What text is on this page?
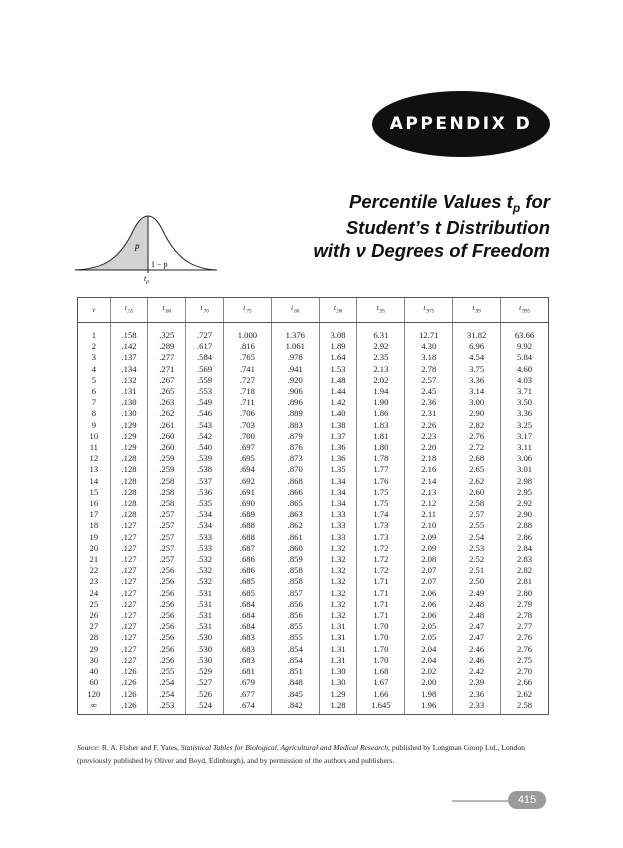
APPENDIX D
Percentile Values $t_p$ for
Student’s t Distribution
with ν Degrees of Freedom
p
1 − p
$t_p$
ν	$t_{.55}$	$t_{.60}$	$t_{.70}$	$t_{.75}$	$t_{.80}$	$t_{.90}$	$t_{.95}$	$t_{.975}$	$t_{.99}$	$t_{.995}$
1	.158	.325	.727	1.000	1.376	3.08	6.31	12.71	31.82	63.66
2	.142	.289	.617	.816	1.061	1.89	2.92	4.30	6.96	9.92
3	.137	.277	.584	.765	.978	1.64	2.35	3.18	4.54	5.84
4	.134	.271	.569	.741	.941	1.53	2.13	2.78	3.75	4.60
5	.132	.267	.559	.727	.920	1.48	2.02	2.57	3.36	4.03
6	.131	.265	.553	.718	.906	1.44	1.94	2.45	3.14	3.71
7	.130	.263	.549	.711	.896	1.42	1.90	2.36	3.00	3.50
8	.130	.262	.546	.706	.889	1.40	1.86	2.31	2.90	3.36
9	.129	.261	.543	.703	.883	1.38	1.83	2.26	2.82	3.25
10	.129	.260	.542	.700	.879	1.37	1.81	2.23	2.76	3.17
11	.129	.260	.540	.697	.876	1.36	1.80	2.20	2.72	3.11
12	.128	.259	.539	.695	.873	1.36	1.78	2.18	2.68	3.06
13	.128	.259	.538	.694	.870	1.35	1.77	2.16	2.65	3.01
14	.128	.258	.537	.692	.868	1.34	1.76	2.14	2.62	2.98
15	.128	.258	.536	.691	.866	1.34	1.75	2.13	2.60	2.95
16	.128	.258	.535	.690	.865	1.34	1.75	2.12	2.58	2.92
17	.128	.257	.534	.689	.863	1.33	1.74	2.11	2.57	2.90
18	.127	.257	.534	.688	.862	1.33	1.73	2.10	2.55	2.88
19	.127	.257	.533	.688	.861	1.33	1.73	2.09	2.54	2.86
20	.127	.257	.533	.687	.860	1.32	1.72	2.09	2.53	2.84
21	.127	.257	.532	.686	.859	1.32	1.72	2.08	2.52	2.83
22	.127	.256	.532	.686	.858	1.32	1.72	2.07	2.51	2.82
23	.127	.256	.532	.685	.858	1.32	1.71	2.07	2.50	2.81
24	.127	.256	.531	.685	.857	1.32	1.71	2.06	2.49	2.80
25	.127	.256	.531	.684	.856	1.32	1.71	2.06	2.48	2.79
26	.127	.256	.531	.684	.856	1.32	1.71	2.06	2.48	2.78
27	.127	.256	.531	.684	.855	1.31	1.70	2.05	2.47	2.77
28	.127	.256	.530	.683	.855	1.31	1.70	2.05	2.47	2.76
29	.127	.256	.530	.683	.854	1.31	1.70	2.04	2.46	2.76
30	.127	.256	.530	.683	.854	1.31	1.70	2.04	2.46	2.75
40	.126	.255	.529	.681	.851	1.30	1.68	2.02	2.42	2.70
60	.126	.254	.527	.679	.848	1.30	1.67	2.00	2.39	2.66
120	.126	.254	.526	.677	.845	1.29	1.66	1.98	2.36	2.62
∞	.126	.253	.524	.674	.842	1.28	1.645	1.96	2.33	2.58
Source: R. A. Fisher and F. Yates, Statistical Tables for Biological, Agricultural and Medical Research, published by Longman Group Ltd., London (previously published by Oliver and Boyd, Edinburgh), and by permission of the authors and publishers.
415
